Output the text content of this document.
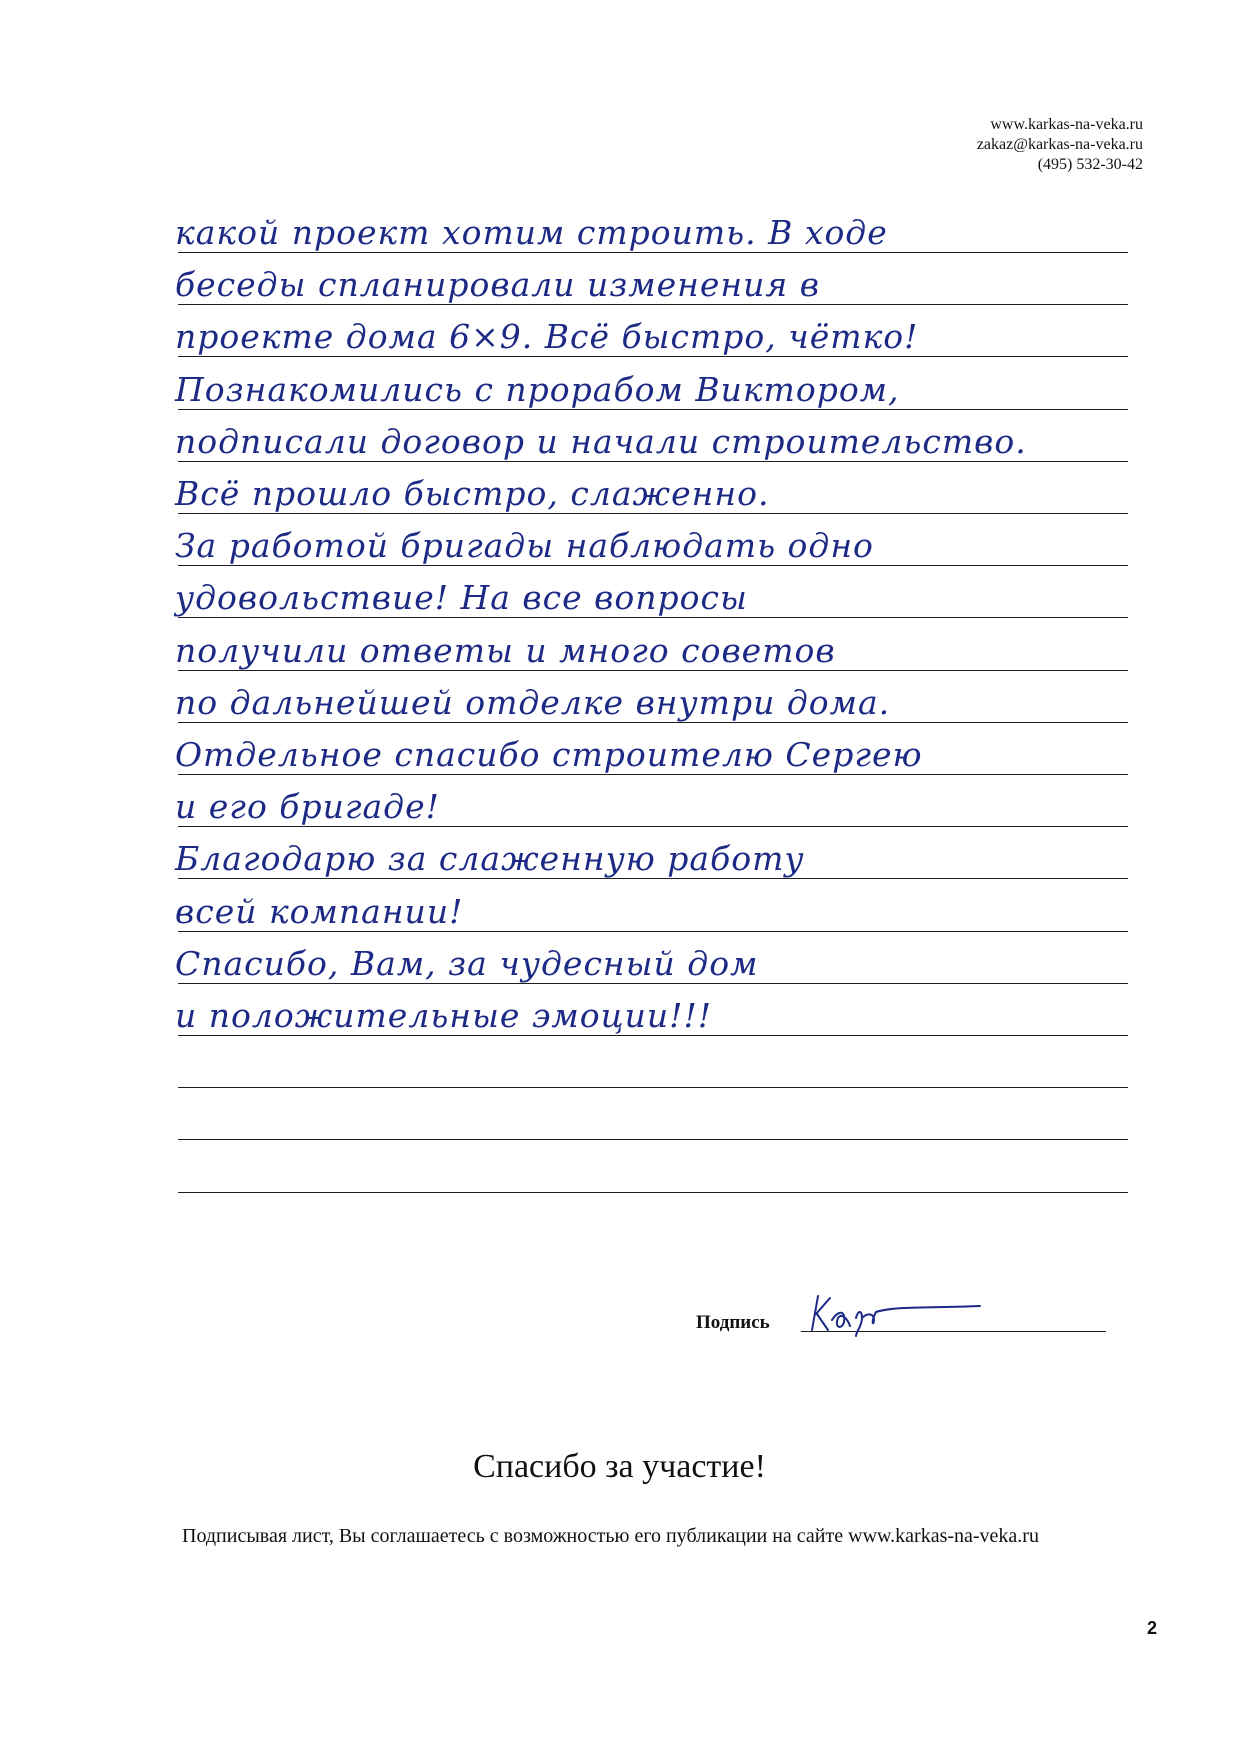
www.karkas-na-veka.ru
zakaz@karkas-na-veka.ru
(495) 532-30-42
какой проект хотим строить. В ходе
беседы спланировали изменения в
проекте дома 6×9. Всё быстро, чётко!
Познакомились с прорабом Виктором,
подписали договор и начали строительство.
Всё прошло быстро, слаженно.
За работой бригады наблюдать одно
удовольствие! На все вопросы
получили ответы и много советов
по дальнейшей отделке внутри дома.
Отдельное спасибо строителю Сергею
и его бригаде!
Благодарю за слаженную работу
всей компании!
Спасибо, Вам, за чудесный дом
и положительные эмоции!!!
Подпись
Спасибо за участие!
Подписывая лист, Вы соглашаетесь с возможностью его публикации на сайте www.karkas-na-veka.ru
2
